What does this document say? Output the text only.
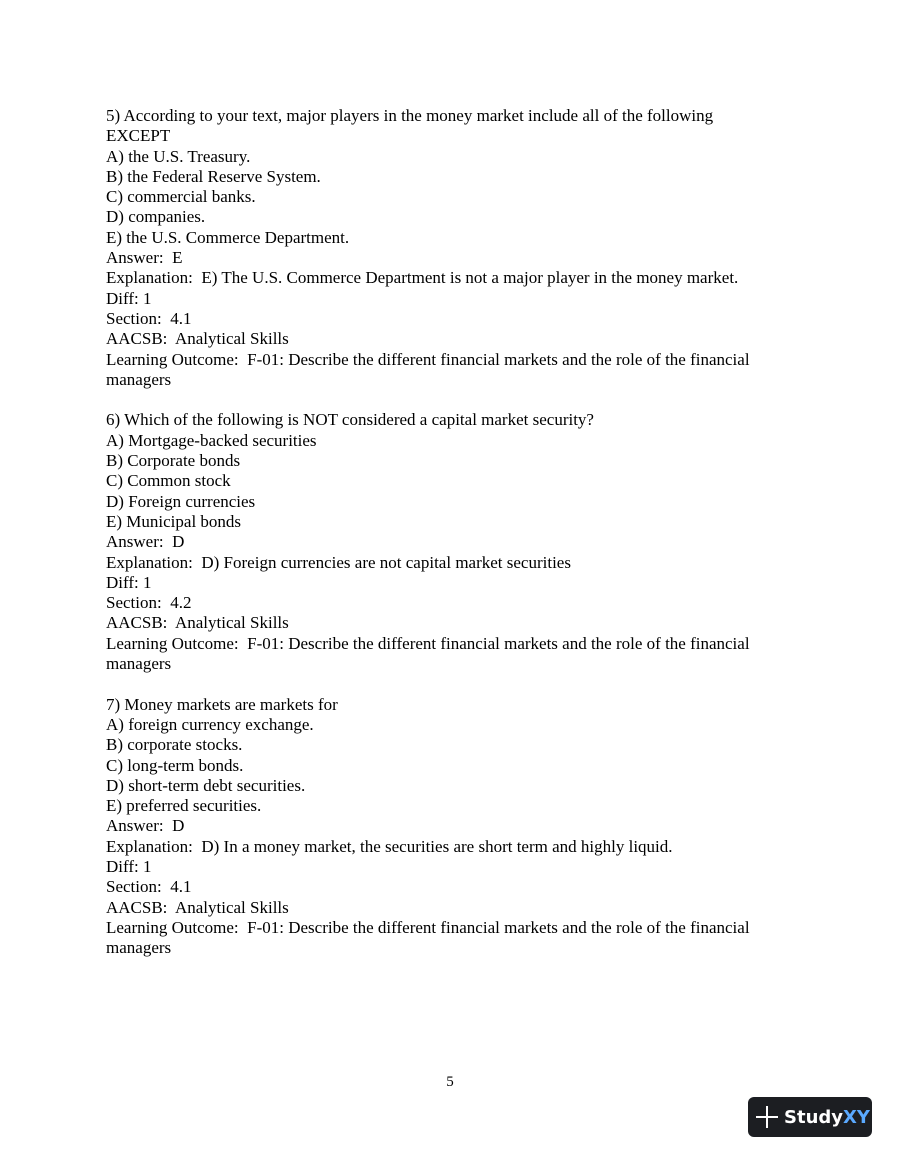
5) According to your text, major players in the money market include all of the following

EXCEPT

A) the U.S. Treasury.

B) the Federal Reserve System.

C) commercial banks.

D) companies.

E) the U.S. Commerce Department.

Answer:  E

Explanation:  E) The U.S. Commerce Department is not a major player in the money market.

Diff: 1

Section:  4.1

AACSB:  Analytical Skills

Learning Outcome:  F-01: Describe the different financial markets and the role of the financial

managers

6) Which of the following is NOT considered a capital market security?

A) Mortgage-backed securities

B) Corporate bonds

C) Common stock

D) Foreign currencies

E) Municipal bonds

Answer:  D

Explanation:  D) Foreign currencies are not capital market securities

Diff: 1

Section:  4.2

AACSB:  Analytical Skills

Learning Outcome:  F-01: Describe the different financial markets and the role of the financial

managers

7) Money markets are markets for

A) foreign currency exchange.

B) corporate stocks.

C) long-term bonds.

D) short-term debt securities.

E) preferred securities.

Answer:  D

Explanation:  D) In a money market, the securities are short term and highly liquid.

Diff: 1

Section:  4.1

AACSB:  Analytical Skills

Learning Outcome:  F-01: Describe the different financial markets and the role of the financial

managers

5
Study XY
